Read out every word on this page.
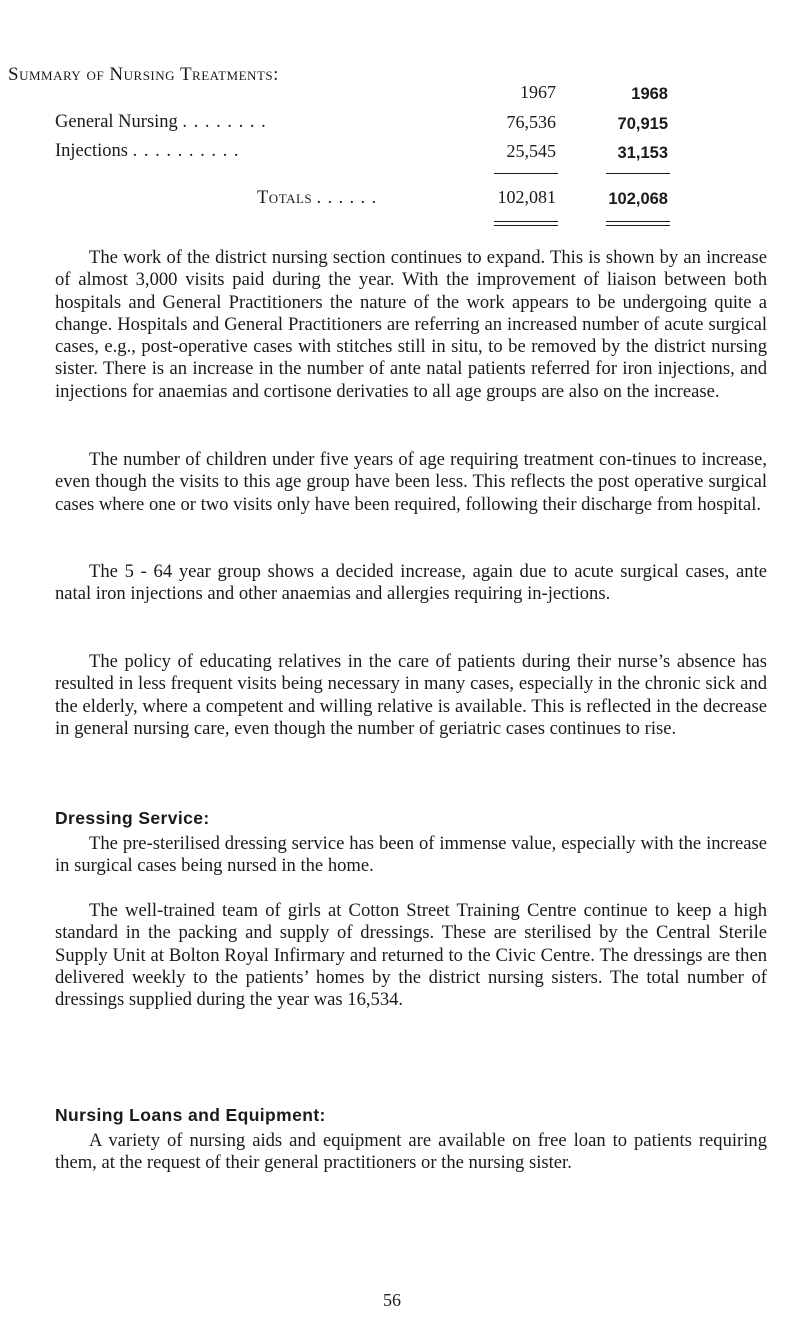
Summary of Nursing Treatments:
1967	1968
General Nursing . . . . . . . .	76,536	70,915
Injections . . . . . . . . . .	25,545	31,153
Totals . . . . . .	102,081	102,068

The work of the district nursing section continues to expand. This is shown by an increase of almost 3,000 visits paid during the year. With the improvement of liaison between both hospitals and General Practitioners the nature of the work appears to be undergoing quite a change. Hospitals and General Practitioners are referring an increased number of acute surgical cases, e.g., post-operative cases with stitches still in situ, to be removed by the district nursing sister. There is an increase in the number of ante natal patients referred for iron injections, and injections for anaemias and cortisone derivaties to all age groups are also on the increase.

The number of children under five years of age requiring treatment con-tinues to increase, even though the visits to this age group have been less. This reflects the post operative surgical cases where one or two visits only have been required, following their discharge from hospital.

The 5 - 64 year group shows a decided increase, again due to acute surgical cases, ante natal iron injections and other anaemias and allergies requiring in-jections.

The policy of educating relatives in the care of patients during their nurse’s absence has resulted in less frequent visits being necessary in many cases, especially in the chronic sick and the elderly, where a competent and willing relative is available. This is reflected in the decrease in general nursing care, even though the number of geriatric cases continues to rise.

Dressing Service:

The pre-sterilised dressing service has been of immense value, especially with the increase in surgical cases being nursed in the home.

The well-trained team of girls at Cotton Street Training Centre continue to keep a high standard in the packing and supply of dressings. These are sterilised by the Central Sterile Supply Unit at Bolton Royal Infirmary and returned to the Civic Centre. The dressings are then delivered weekly to the patients’ homes by the district nursing sisters. The total number of dressings supplied during the year was 16,534.

Nursing Loans and Equipment:

A variety of nursing aids and equipment are available on free loan to patients requiring them, at the request of their general practitioners or the nursing sister.

56
